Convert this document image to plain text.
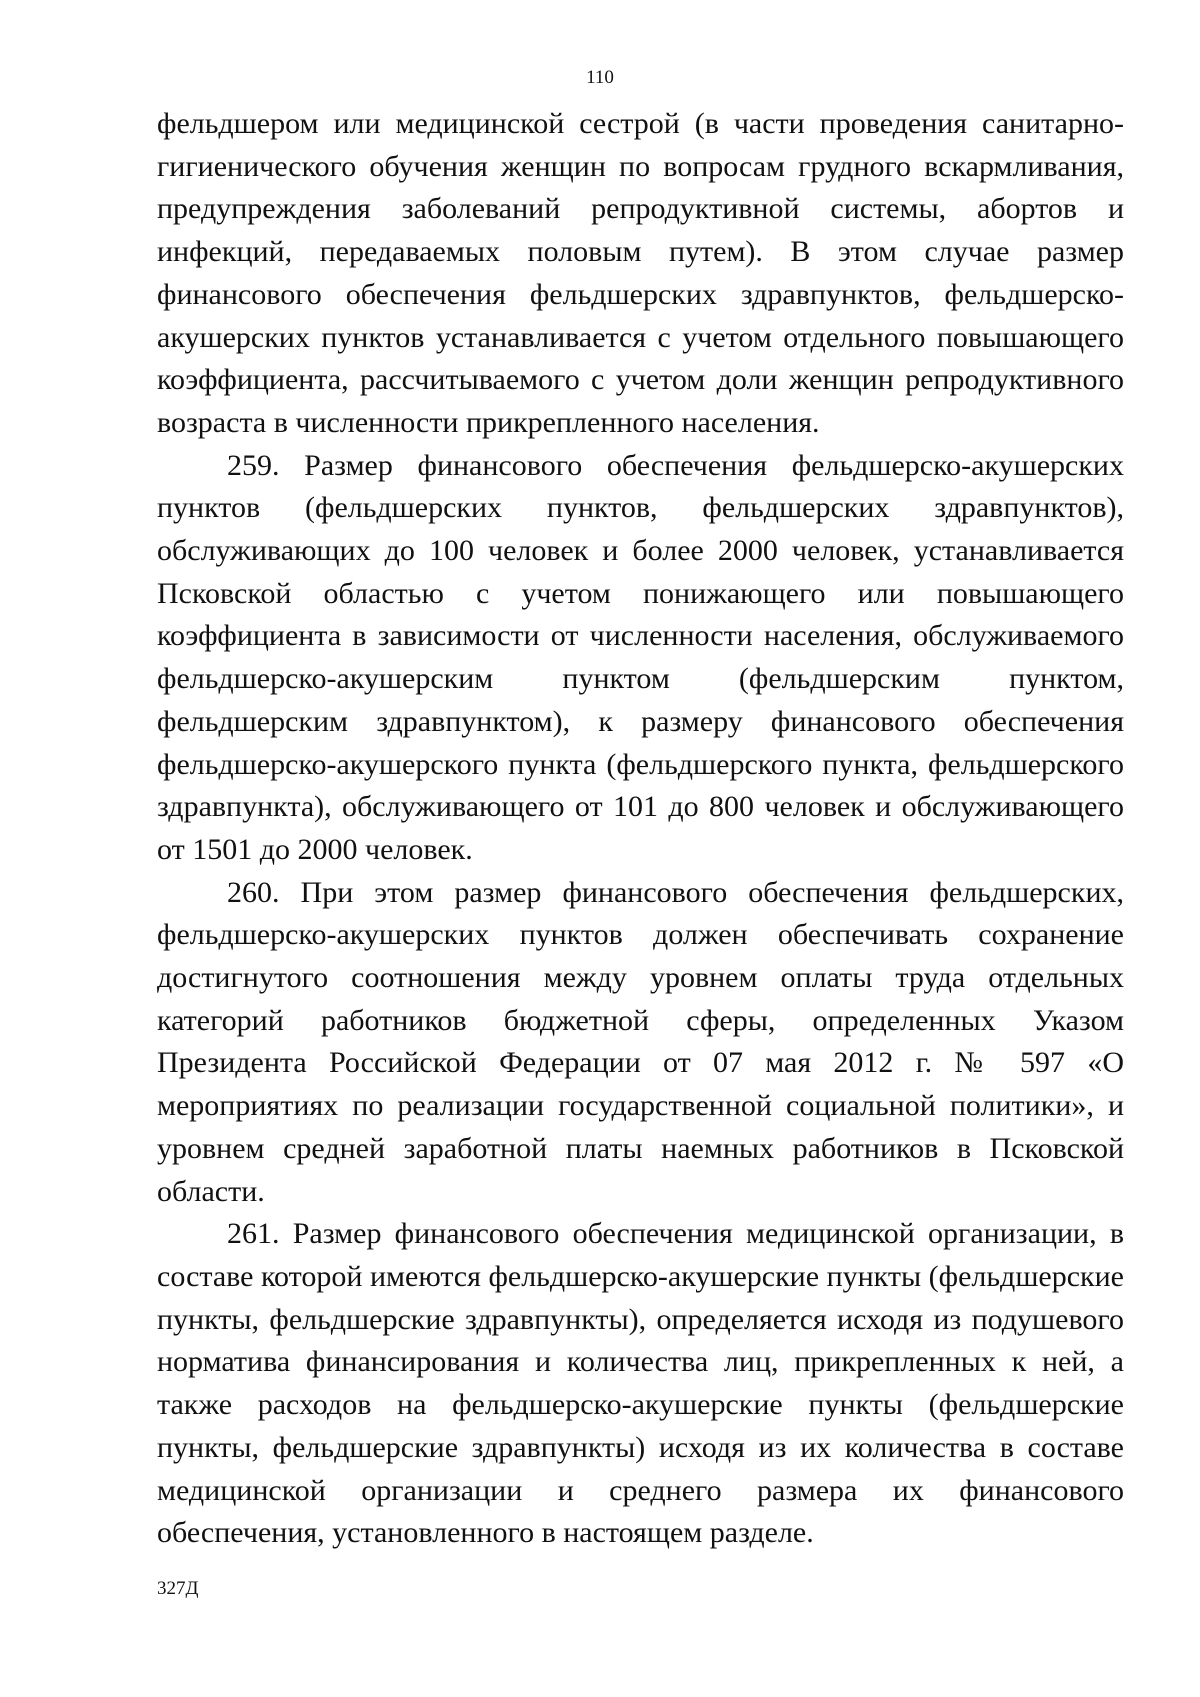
110

фельдшером или медицинской сестрой (в части проведения санитарно-гигиенического обучения женщин по вопросам грудного вскармливания, предупреждения заболеваний репродуктивной системы, абортов и инфекций, передаваемых половым путем). В этом случае размер финансового обеспечения фельдшерских здравпунктов, фельдшерско-акушерских пунктов устанавливается с учетом отдельного повышающего коэффициента, рассчитываемого с учетом доли женщин репродуктивного возраста в численности прикрепленного населения.

259. Размер финансового обеспечения фельдшерско-акушерских пунктов (фельдшерских пунктов, фельдшерских здравпунктов), обслуживающих до 100 человек и более 2000 человек, устанавливается Псковской областью с учетом понижающего или повышающего коэффициента в зависимости от численности населения, обслуживаемого фельдшерско-акушерским пунктом (фельдшерским пунктом, фельдшерским здравпунктом), к размеру финансового обеспечения фельдшерско-акушерского пункта (фельдшерского пункта, фельдшерского здравпункта), обслуживающего от 101 до 800 человек и обслуживающего от 1501 до 2000 человек.

260. При этом размер финансового обеспечения фельдшерских, фельдшерско-акушерских пунктов должен обеспечивать сохранение достигнутого соотношения между уровнем оплаты труда отдельных категорий работников бюджетной сферы, определенных Указом Президента Российской Федерации от 07 мая 2012 г. № 597 «О мероприятиях по реализации государственной социальной политики», и уровнем средней заработной платы наемных работников в Псковской области.

261. Размер финансового обеспечения медицинской организации, в составе которой имеются фельдшерско-акушерские пункты (фельдшерские пункты, фельдшерские здравпункты), определяется исходя из подушевого норматива финансирования и количества лиц, прикрепленных к ней, а также расходов на фельдшерско-акушерские пункты (фельдшерские пункты, фельдшерские здравпункты) исходя из их количества в составе медицинской организации и среднего размера их финансового обеспечения, установленного в настоящем разделе.

327Д
